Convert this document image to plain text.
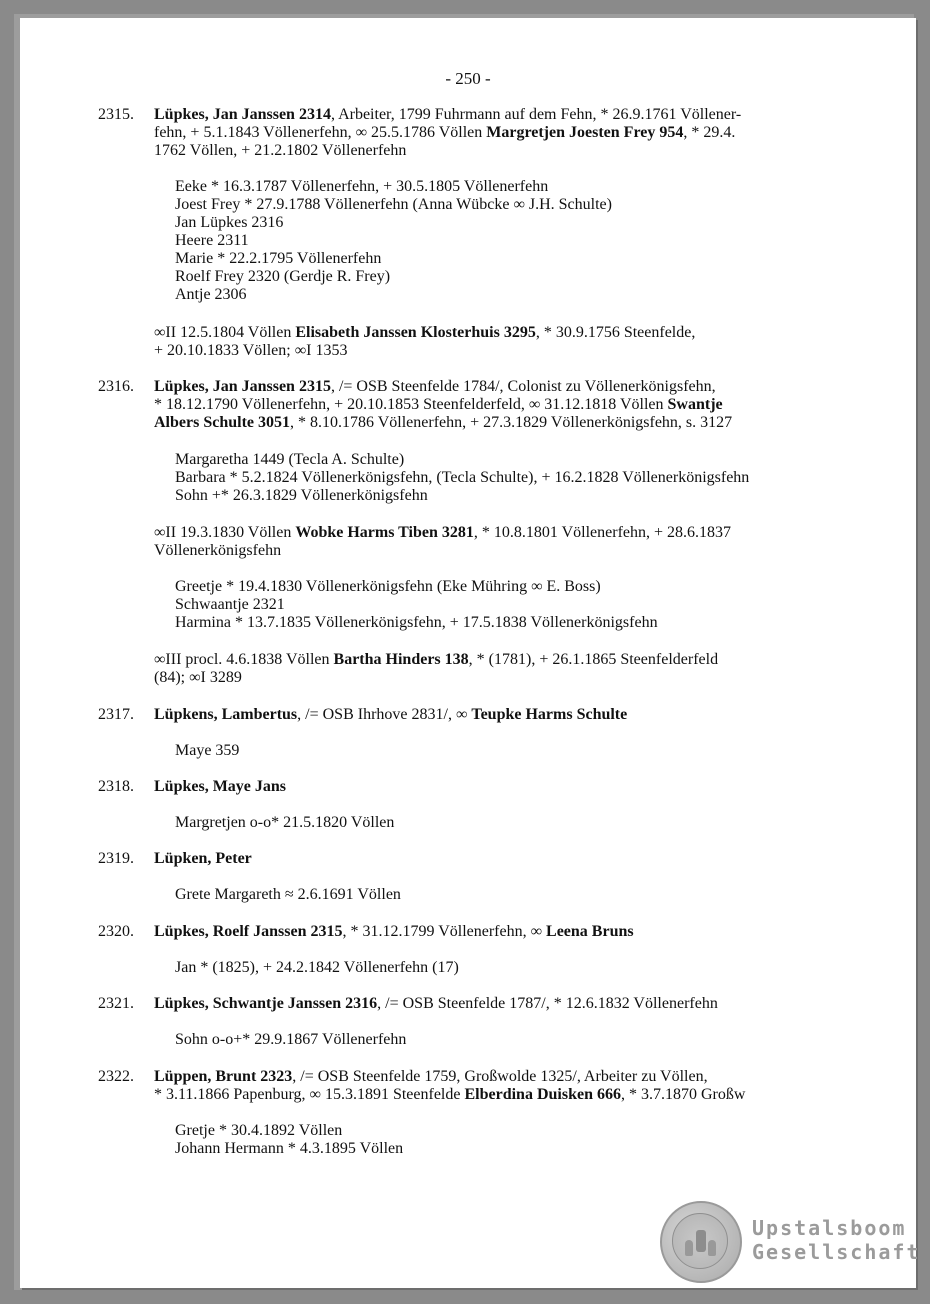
- 250 -
2315. Lüpkes, Jan Janssen 2314, Arbeiter, 1799 Fuhrmann auf dem Fehn, * 26.9.1761 Völlener-
fehn, + 5.1.1843 Völlenerfehn, ∞ 25.5.1786 Völlen Margretjen Joesten Frey 954, * 29.4.
1762 Völlen, + 21.2.1802 Völlenerfehn
Eeke * 16.3.1787 Völlenerfehn, + 30.5.1805 Völlenerfehn
Joest Frey * 27.9.1788 Völlenerfehn (Anna Wübcke ∞ J.H. Schulte)
Jan Lüpkes 2316
Heere 2311
Marie * 22.2.1795 Völlenerfehn
Roelf Frey 2320 (Gerdje R. Frey)
Antje 2306
∞II 12.5.1804 Völlen Elisabeth Janssen Klosterhuis 3295, * 30.9.1756 Steenfelde,
+ 20.10.1833 Völlen; ∞I 1353
2316. Lüpkes, Jan Janssen 2315, /= OSB Steenfelde 1784/, Colonist zu Völlenerkönigsfehn,
* 18.12.1790 Völlenerfehn, + 20.10.1853 Steenfelderfeld, ∞ 31.12.1818 Völlen Swantje
Albers Schulte 3051, * 8.10.1786 Völlenerfehn, + 27.3.1829 Völlenerkönigsfehn, s. 3127
Margaretha 1449 (Tecla A. Schulte)
Barbara * 5.2.1824 Völlenerkönigsfehn, (Tecla Schulte), + 16.2.1828 Völlenerkönigsfehn
Sohn +* 26.3.1829 Völlenerkönigsfehn
∞II 19.3.1830 Völlen Wobke Harms Tiben 3281, * 10.8.1801 Völlenerfehn, + 28.6.1837
Völlenerkönigsfehn
Greetje * 19.4.1830 Völlenerkönigsfehn (Eke Mühring ∞ E. Boss)
Schwaantje 2321
Harmina * 13.7.1835 Völlenerkönigsfehn, + 17.5.1838 Völlenerkönigsfehn
∞III procl. 4.6.1838 Völlen Bartha Hinders 138, * (1781), + 26.1.1865 Steenfelderfeld
(84); ∞I 3289
2317. Lüpkens, Lambertus, /= OSB Ihrhove 2831/, ∞ Teupke Harms Schulte
Maye 359
2318. Lüpkes, Maye Jans
Margretjen o-o* 21.5.1820 Völlen
2319. Lüpken, Peter
Grete Margareth ≈ 2.6.1691 Völlen
2320. Lüpkes, Roelf Janssen 2315, * 31.12.1799 Völlenerfehn, ∞ Leena Bruns
Jan * (1825), + 24.2.1842 Völlenerfehn (17)
2321. Lüpkes, Schwantje Janssen 2316, /= OSB Steenfelde 1787/, * 12.6.1832 Völlenerfehn
Sohn o-o+* 29.9.1867 Völlenerfehn
2322. Lüppen, Brunt 2323, /= OSB Steenfelde 1759, Großwolde 1325/, Arbeiter zu Völlen,
* 3.11.1866 Papenburg, ∞ 15.3.1891 Steenfelde Elberdina Duisken 666, * 3.7.1870 Großw
Gretje * 30.4.1892 Völlen
Johann Hermann * 4.3.1895 Völlen
Upstalsboom
Gesellschaft
